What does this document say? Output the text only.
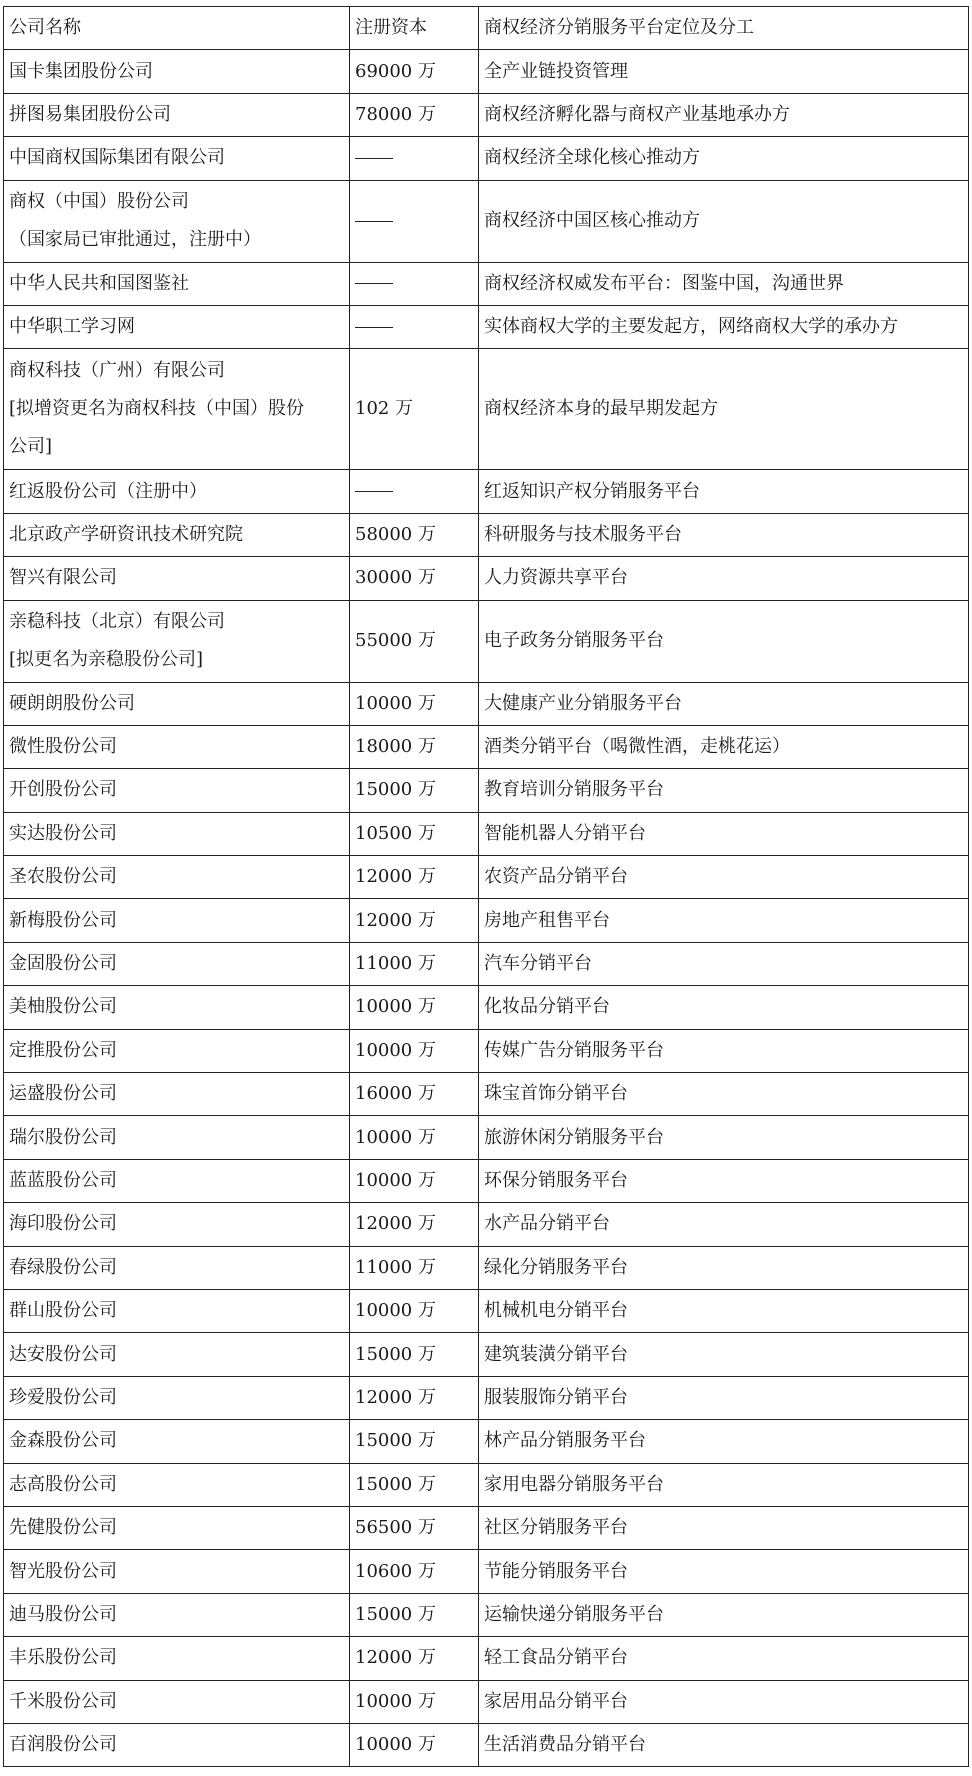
公司名称	注册资本	商权经济分销服务平台定位及分工

国卡集团股份公司	69000 万	全产业链投资管理

拼图易集团股份公司	78000 万	商权经济孵化器与商权产业基地承办方

中国商权国际集团有限公司		商权经济全球化核心推动方

商权（中国）股份公司
（国家局已审批通过，注册中）		商权经济中国区核心推动方

中华人民共和国图鉴社		商权经济权威发布平台：图鉴中国，沟通世界

中华职工学习网		实体商权大学的主要发起方，网络商权大学的承办方

商权科技（广州）有限公司
[拟增资更名为商权科技（中国）股份
公司]	102 万	商权经济本身的最早期发起方

红返股份公司（注册中）		红返知识产权分销服务平台

北京政产学研资讯技术研究院	58000 万	科研服务与技术服务平台

智兴有限公司	30000 万	人力资源共享平台

亲稳科技（北京）有限公司
[拟更名为亲稳股份公司]	55000 万	电子政务分销服务平台

硬朗朗股份公司	10000 万	大健康产业分销服务平台

微性股份公司	18000 万	酒类分销平台（喝微性酒，走桃花运）

开创股份公司	15000 万	教育培训分销服务平台

实达股份公司	10500 万	智能机器人分销平台

圣农股份公司	12000 万	农资产品分销平台

新梅股份公司	12000 万	房地产租售平台

金固股份公司	11000 万	汽车分销平台

美柚股份公司	10000 万	化妆品分销平台

定推股份公司	10000 万	传媒广告分销服务平台

运盛股份公司	16000 万	珠宝首饰分销平台

瑞尔股份公司	10000 万	旅游休闲分销服务平台

蓝蓝股份公司	10000 万	环保分销服务平台

海印股份公司	12000 万	水产品分销平台

春绿股份公司	11000 万	绿化分销服务平台

群山股份公司	10000 万	机械机电分销平台

达安股份公司	15000 万	建筑装潢分销平台

珍爱股份公司	12000 万	服装服饰分销平台

金森股份公司	15000 万	林产品分销服务平台

志高股份公司	15000 万	家用电器分销服务平台

先健股份公司	56500 万	社区分销服务平台

智光股份公司	10600 万	节能分销服务平台

迪马股份公司	15000 万	运输快递分销服务平台

丰乐股份公司	12000 万	轻工食品分销平台

千米股份公司	10000 万	家居用品分销平台

百润股份公司	10000 万	生活消费品分销平台
